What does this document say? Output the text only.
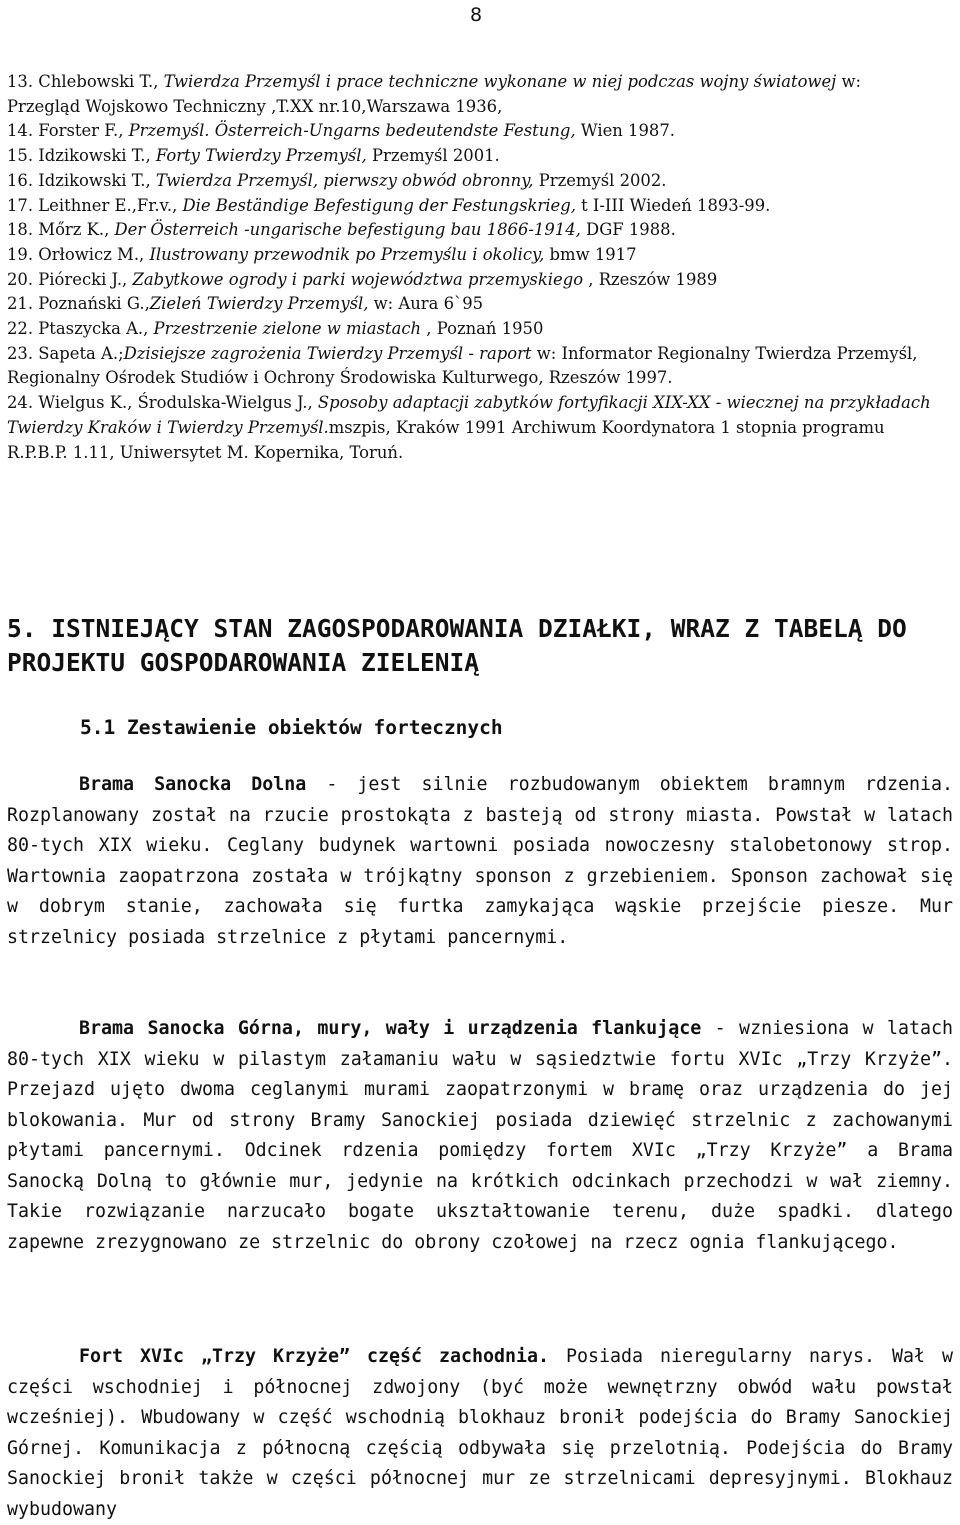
8

13. Chlebowski T., Twierdza Przemyśl i prace techniczne wykonane w niej podczas wojny światowej w: Przegląd Wojskowo Techniczny ,T.XX nr.10,Warszawa 1936,

14. Forster F., Przemyśl. Österreich-Ungarns bedeutendste Festung, Wien 1987.

15. Idzikowski T., Forty Twierdzy Przemyśl, Przemyśl 2001.

16. Idzikowski T., Twierdza Przemyśl, pierwszy obwód obronny, Przemyśl 2002.

17. Leithner E.,Fr.v., Die Beständige Befestigung der Festungskrieg, t I-III Wiedeń 1893-99.

18. Mőrz K., Der Österreich -ungarische befestigung bau 1866-1914, DGF 1988.

19. Orłowicz M., Ilustrowany przewodnik po Przemyślu i okolicy, bmw 1917

20. Piórecki J., Zabytkowe ogrody i parki województwa przemyskiego , Rzeszów 1989

21. Poznański G.,Zieleń Twierdzy Przemyśl, w: Aura 6`95

22. Ptaszycka A., Przestrzenie zielone w miastach , Poznań 1950

23. Sapeta A.;Dzisiejsze zagrożenia Twierdzy Przemyśl - raport w: Informator Regionalny Twierdza Przemyśl, Regionalny Ośrodek Studiów i Ochrony Środowiska Kulturwego, Rzeszów 1997.

24. Wielgus K., Środulska-Wielgus J., Sposoby adaptacji zabytków fortyfikacji XIX-XX - wiecznej na przykładach Twierdzy Kraków i Twierdzy Przemyśl.mszpis, Kraków 1991 Archiwum Koordynatora 1 stopnia programu R.P.B.P. 1.11, Uniwersytet M. Kopernika, Toruń.

5. ISTNIEJĄCY STAN ZAGOSPODAROWANIA DZIAŁKI, WRAZ Z TABELĄ DO PROJEKTU GOSPODAROWANIA ZIELENIĄ
5.1 Zestawienie obiektów fortecznych

Brama Sanocka Dolna - jest silnie rozbudowanym obiektem bramnym rdzenia. Rozplanowany został na rzucie prostokąta z basteją od strony miasta. Powstał w latach 80-tych XIX wieku. Ceglany budynek wartowni posiada nowoczesny stalobetonowy strop. Wartownia zaopatrzona została w trójkątny sponson z grzebieniem. Sponson zachował się w dobrym stanie, zachowała się furtka zamykająca wąskie przejście piesze. Mur strzelnicy posiada strzelnice z płytami pancernymi.

Brama Sanocka Górna, mury, wały i urządzenia flankujące - wzniesiona w latach 80-tych XIX wieku w pilastym załamaniu wału w sąsiedztwie fortu XVIc „Trzy Krzyże”. Przejazd ujęto dwoma ceglanymi murami zaopatrzonymi w bramę oraz urządzenia do jej blokowania. Mur od strony Bramy Sanockiej posiada dziewięć strzelnic z zachowanymi płytami pancernymi. Odcinek rdzenia pomiędzy fortem XVIc „Trzy Krzyże” a Brama Sanocką Dolną to głównie mur, jedynie na krótkich odcinkach przechodzi w wał ziemny. Takie rozwiązanie narzucało bogate ukształtowanie terenu, duże spadki. dlatego zapewne zrezygnowano ze strzelnic do obrony czołowej na rzecz ognia flankującego.

Fort XVIc „Trzy Krzyże” część zachodnia. Posiada nieregularny narys. Wał w części wschodniej i północnej zdwojony (być może wewnętrzny obwód wału powstał wcześniej). Wbudowany w część wschodnią blokhauz bronił podejścia do Bramy Sanockiej Górnej. Komunikacja z północną częścią odbywała się przelotnią. Podejścia do Bramy Sanockiej bronił także w części północnej mur ze strzelnicami depresyjnymi. Blokhauz wybudowany
